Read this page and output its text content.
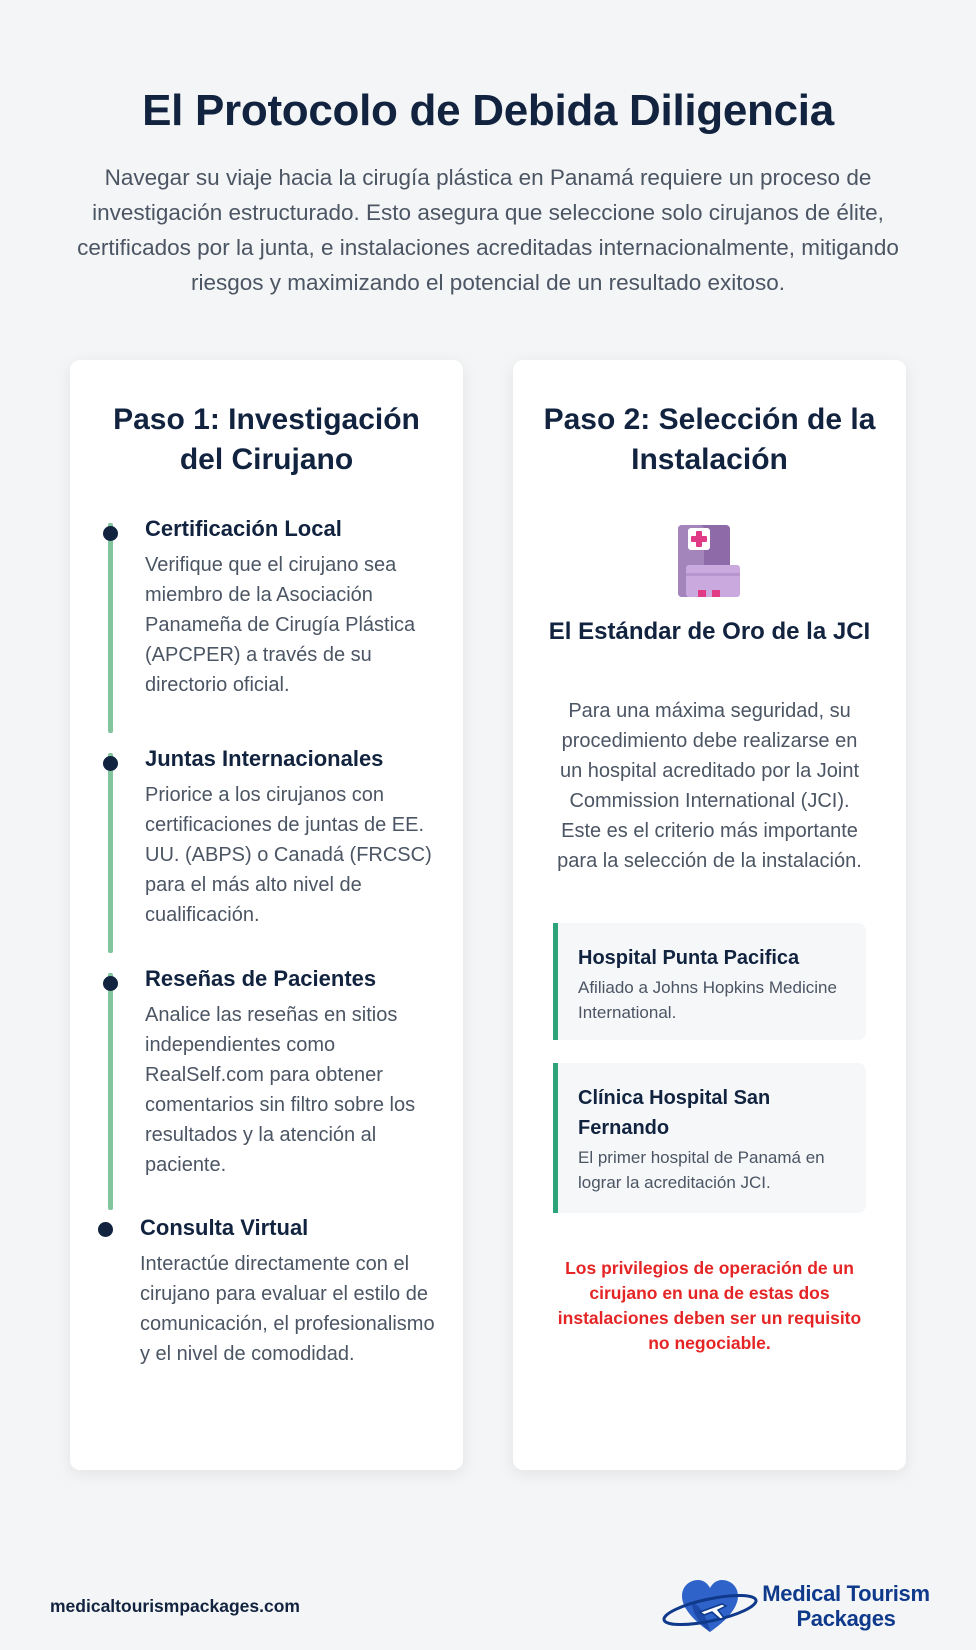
El Protocolo de Debida Diligencia

Navegar su viaje hacia la cirugía plástica en Panamá requiere un proceso de investigación estructurado. Esto asegura que seleccione solo cirujanos de élite, certificados por la junta, e instalaciones acreditadas internacionalmente, mitigando riesgos y maximizando el potencial de un resultado exitoso.

Paso 1: Investigación del Cirujano
Certificación Local
Verifique que el cirujano sea miembro de la Asociación Panameña de Cirugía Plástica (APCPER) a través de su directorio oficial.
Juntas Internacionales
Priorice a los cirujanos con certificaciones de juntas de EE. UU. (ABPS) o Canadá (FRCSC) para el más alto nivel de cualificación.
Reseñas de Pacientes
Analice las reseñas en sitios independientes como RealSelf.com para obtener comentarios sin filtro sobre los resultados y la atención al paciente.
Consulta Virtual
Interactúe directamente con el cirujano para evaluar el estilo de comunicación, el profesionalismo y el nivel de comodidad.
Paso 2: Selección de la Instalación
El Estándar de Oro de la JCI

Para una máxima seguridad, su procedimiento debe realizarse en un hospital acreditado por la Joint Commission International (JCI). Este es el criterio más importante para la selección de la instalación.

Hospital Punta Pacifica
Afiliado a Johns Hopkins Medicine International.
Clínica Hospital San Fernando
El primer hospital de Panamá en lograr la acreditación JCI.

Los privilegios de operación de un cirujano en una de estas dos instalaciones deben ser un requisito no negociable.

medicaltourismpackages.com	Medical Tourism
Packages
